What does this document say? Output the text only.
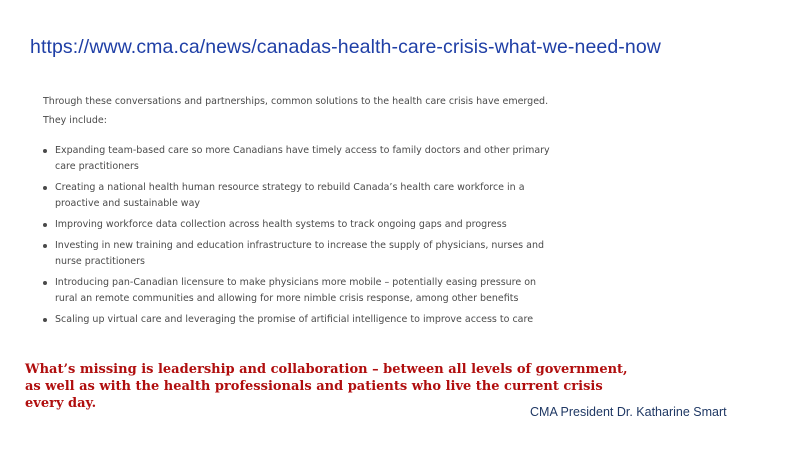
https://www.cma.ca/news/canadas-health-care-crisis-what-we-need-now

Through these conversations and partnerships, common solutions to the health care crisis have emerged. They include:

Expanding team-based care so more Canadians have timely access to family doctors and other primary care practitioners
Creating a national health human resource strategy to rebuild Canada’s health care workforce in a proactive and sustainable way
Improving workforce data collection across health systems to track ongoing gaps and progress
Investing in new training and education infrastructure to increase the supply of physicians, nurses and nurse practitioners
Introducing pan-Canadian licensure to make physicians more mobile – potentially easing pressure on rural an remote communities and allowing for more nimble crisis response, among other benefits
Scaling up virtual care and leveraging the promise of artificial intelligence to improve access to care

What’s missing is leadership and collaboration – between all levels of government, as well as with the health professionals and patients who live the current crisis every day.

CMA President Dr. Katharine Smart
